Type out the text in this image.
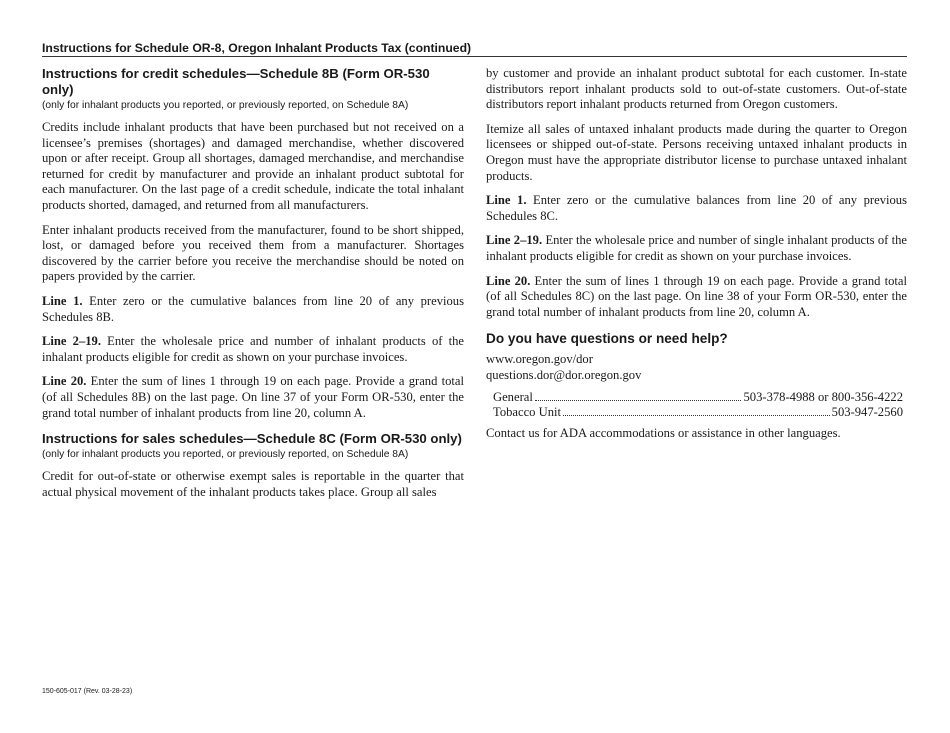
Instructions for Schedule OR-8, Oregon Inhalant Products Tax (continued)
Instructions for credit schedules—Schedule 8B (Form OR-530 only)

(only for inhalant products you reported, or previously reported, on Schedule 8A)

Credits include inhalant products that have been purchased but not received on a licensee’s premises (shortages) and damaged merchandise, whether discovered upon or after receipt. Group all shortages, damaged merchandise, and merchandise returned for credit by manufacturer and provide an inhalant product subtotal for each manufacturer. On the last page of a credit schedule, indicate the total inhalant products shorted, damaged, and returned from all manufacturers.

Enter inhalant products received from the manufacturer, found to be short shipped, lost, or damaged before you received them from a manufacturer. Shortages discovered by the carrier before you receive the merchandise should be noted on papers provided by the carrier.

Line 1. Enter zero or the cumulative balances from line 20 of any previous Schedules 8B.

Line 2–19. Enter the wholesale price and number of inhalant products of the inhalant products eligible for credit as shown on your purchase invoices.

Line 20. Enter the sum of lines 1 through 19 on each page. Provide a grand total (of all Schedules 8B) on the last page. On line 37 of your Form OR-530, enter the grand total number of inhalant products from line 20, column A.

Instructions for sales schedules—Schedule 8C (Form OR-530 only)

(only for inhalant products you reported, or previously reported, on Schedule 8A)

Credit for out-of-state or otherwise exempt sales is reportable in the quarter that actual physical movement of the inhalant products takes place. Group all sales

by customer and provide an inhalant product subtotal for each customer. In-state distributors report inhalant products sold to out-of-state customers. Out-of-state distributors report inhalant products returned from Oregon customers.

Itemize all sales of untaxed inhalant products made during the quarter to Oregon licensees or shipped out-of-state. Persons receiving untaxed inhalant products in Oregon must have the appropriate distributor license to purchase untaxed inhalant products.

Line 1. Enter zero or the cumulative balances from line 20 of any previous Schedules 8C.

Line 2–19. Enter the wholesale price and number of single inhalant products of the inhalant products eligible for credit as shown on your purchase invoices.

Line 20. Enter the sum of lines 1 through 19 on each page. Provide a grand total (of all Schedules 8C) on the last page. On line 38 of your Form OR-530, enter the grand total number of inhalant products from line 20, column A.

Do you have questions or need help?

www.oregon.gov/dor

questions.dor@dor.oregon.gov

General	503-378-4988 or 800-356-4222
Tobacco Unit	503-947-2560

Contact us for ADA accommodations or assistance in other languages.

150-605-017 (Rev. 03-28-23)
